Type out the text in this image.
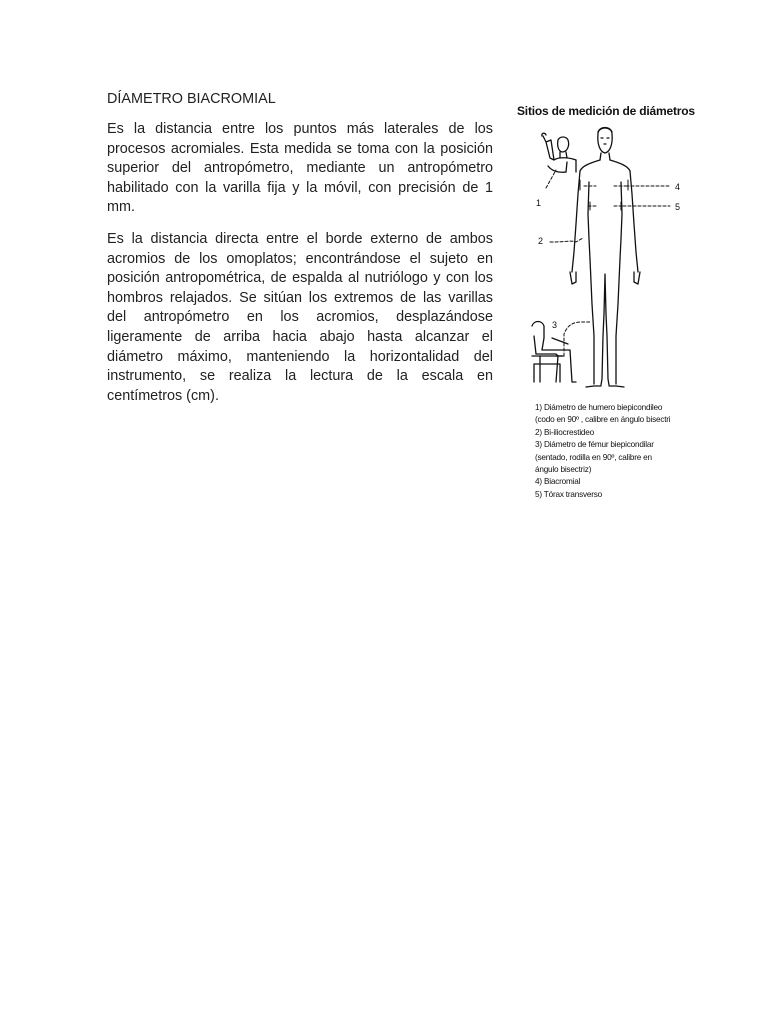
DÍAMETRO BIACROMIAL

Es la distancia entre los puntos más laterales de los procesos acromiales. Esta medida se toma con la posición superior del antropómetro, mediante un antropómetro habilitado con la varilla fija y la móvil, con precisión de 1 mm.

Es la distancia directa entre el borde externo de ambos acromios de los omoplatos; encontrándose el sujeto en posición antropométrica, de espalda al nutriólogo y con los hombros relajados. Se sitúan los extremos de las varillas del antropómetro en los acromios, desplazándose ligeramente de arriba hacia abajo hasta alcanzar el diámetro máximo, manteniendo la horizontalidad del instrumento, se realiza la lectura de la escala en centímetros (cm).

Sitios de medición de diámetros
1
2
3
4
5
1) Diámetro de humero biepicondileo
(codo en 90º , calibre en ángulo bisectri
2) Bi-iliocrestideo
3) Diámetro de fémur biepicondilar
(sentado, rodilla en 90º, calibre en
ángulo bisectriz)
4) Biacromial
5) Tórax transverso
